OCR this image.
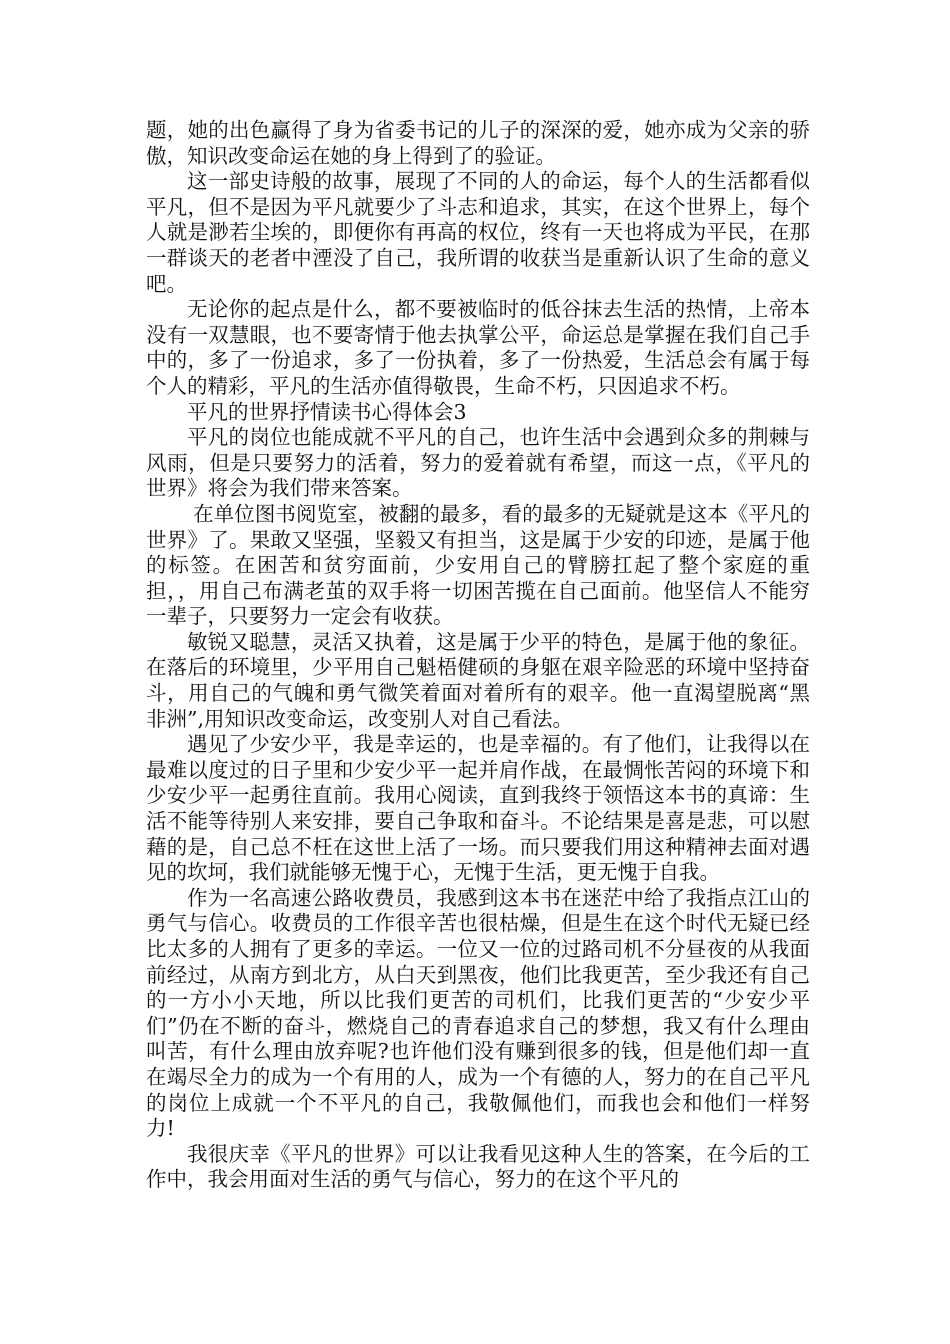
题，她的出色赢得了身为省委书记的儿子的深深的爱，她亦成为父亲的骄傲，知识改变命运在她的身上得到了的验证。

这一部史诗般的故事，展现了不同的人的命运，每个人的生活都看似平凡，但不是因为平凡就要少了斗志和追求，其实，在这个世界上，每个人就是渺若尘埃的，即便你有再高的权位，终有一天也将成为平民，在那一群谈天的老者中湮没了自己，我所谓的收获当是重新认识了生命的意义吧。

无论你的起点是什么，都不要被临时的低谷抹去生活的热情，上帝本没有一双慧眼，也不要寄情于他去执掌公平，命运总是掌握在我们自己手中的，多了一份追求，多了一份执着，多了一份热爱，生活总会有属于每个人的精彩，平凡的生活亦值得敬畏，生命不朽，只因追求不朽。

平凡的世界抒情读书心得体会3

平凡的岗位也能成就不平凡的自己，也许生活中会遇到众多的荆棘与风雨，但是只要努力的活着，努力的爱着就有希望，而这一点，《平凡的世界》将会为我们带来答案。

在单位图书阅览室，被翻的最多，看的最多的无疑就是这本《平凡的世界》了。果敢又坚强，坚毅又有担当，这是属于少安的印迹，是属于他的标签。在困苦和贫穷面前，少安用自己的臂膀扛起了整个家庭的重担，，用自己布满老茧的双手将一切困苦揽在自己面前。他坚信人不能穷一辈子，只要努力一定会有收获。

敏锐又聪慧，灵活又执着，这是属于少平的特色，是属于他的象征。在落后的环境里，少平用自己魁梧健硕的身躯在艰辛险恶的环境中坚持奋斗，用自己的气魄和勇气微笑着面对着所有的艰辛。他一直渴望脱离“黑非洲”,用知识改变命运，改变别人对自己看法。

遇见了少安少平，我是幸运的，也是幸福的。有了他们，让我得以在最难以度过的日子里和少安少平一起并肩作战，在最惆怅苦闷的环境下和少安少平一起勇往直前。我用心阅读，直到我终于领悟这本书的真谛：生活不能等待别人来安排，要自己争取和奋斗。不论结果是喜是悲，可以慰藉的是，自己总不枉在这世上活了一场。而只要我们用这种精神去面对遇见的坎坷，我们就能够无愧于心，无愧于生活，更无愧于自我。

作为一名高速公路收费员，我感到这本书在迷茫中给了我指点江山的勇气与信心。收费员的工作很辛苦也很枯燥，但是生在这个时代无疑已经比太多的人拥有了更多的幸运。一位又一位的过路司机不分昼夜的从我面前经过，从南方到北方，从白天到黑夜，他们比我更苦，至少我还有自己的一方小小天地，所以比我们更苦的司机们，比我们更苦的“少安少平们”仍在不断的奋斗，燃烧自己的青春追求自己的梦想，我又有什么理由叫苦，有什么理由放弃呢?也许他们没有赚到很多的钱，但是他们却一直在竭尽全力的成为一个有用的人，成为一个有德的人，努力的在自己平凡的岗位上成就一个不平凡的自己，我敬佩他们，而我也会和他们一样努力!

我很庆幸《平凡的世界》可以让我看见这种人生的答案，在今后的工作中，我会用面对生活的勇气与信心，努力的在这个平凡的
